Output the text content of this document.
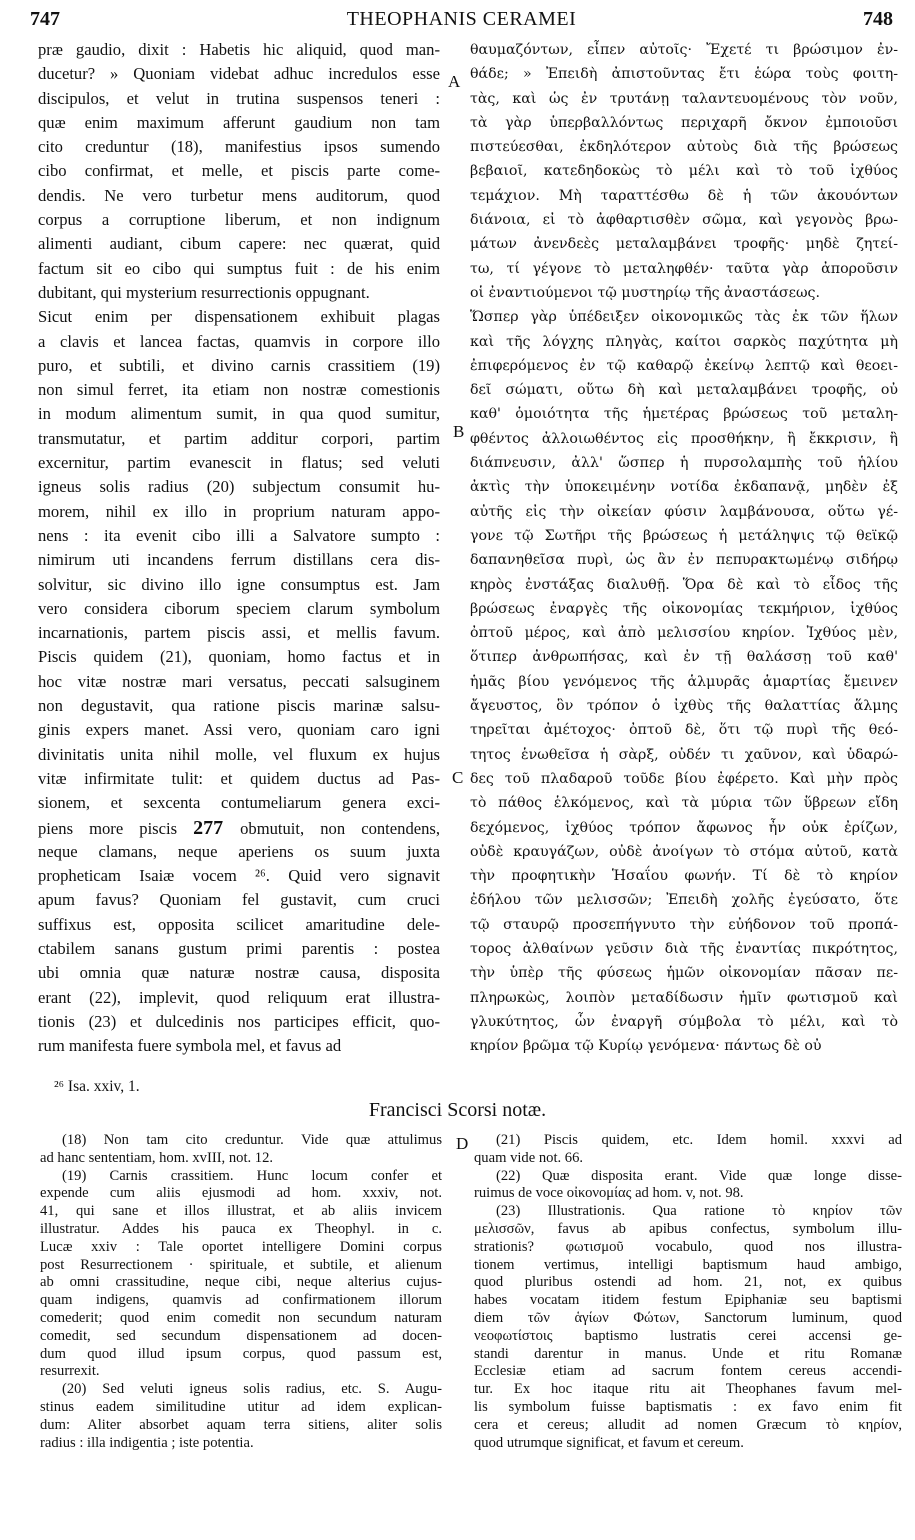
747	THEOPHANIS CERAMEI	748
præ gaudio, dixit : Habetis hic aliquid, quod man-
ducetur? » Quoniam videbat adhuc incredulos esse
discipulos, et velut in trutina suspensos teneri :
quæ enim maximum afferunt gaudium non tam
cito creduntur (18), manifestius ipsos sumendo
cibo confirmat, et melle, et piscis parte come-
dendis. Ne vero turbetur mens auditorum, quod
corpus a corruptione liberum, et non indignum
alimenti audiant, cibum capere: nec quærat, quid
factum sit eo cibo qui sumptus fuit : de his enim
dubitant, qui mysterium resurrectionis oppugnant.
Sicut enim per dispensationem exhibuit plagas
a clavis et lancea factas, quamvis in corpore illo
puro, et subtili, et divino carnis crassitiem (19)
non simul ferret, ita etiam non nostræ comestionis
in modum alimentum sumit, in qua quod sumitur,
transmutatur, et partim additur corpori, partim
excernitur, partim evanescit in flatus; sed veluti
igneus solis radius (20) subjectum consumit hu-
morem, nihil ex illo in proprium naturam appo-
nens : ita evenit cibo illi a Salvatore sumpto :
nimirum uti incandens ferrum distillans cera dis-
solvitur, sic divino illo igne consumptus est. Jam
vero considera ciborum speciem clarum symbolum
incarnationis, partem piscis assi, et mellis favum.
Piscis quidem (21), quoniam, homo factus et in
hoc vitæ nostræ mari versatus, peccati salsuginem
non degustavit, qua ratione piscis marinæ salsu-
ginis expers manet. Assi vero, quoniam caro igni
divinitatis unita nihil molle, vel fluxum ex hujus
vitæ infirmitate tulit: et quidem ductus ad Pas-
sionem, et sexcenta contumeliarum genera exci-
piens more piscis 277 obmutuit, non contendens,
neque clamans, neque aperiens os suum juxta
propheticam Isaiæ vocem ²⁶. Quid vero signavit
apum favus? Quoniam fel gustavit, cum cruci
suffixus est, opposita scilicet amaritudine dele-
ctabilem sanans gustum primi parentis : postea
ubi omnia quæ naturæ nostræ causa, disposita
erant (22), implevit, quod reliquum erat illustra-
tionis (23) et dulcedinis nos participes efficit, quo-
rum manifesta fuere symbola mel, et favus ad
A
B
C
D
θαυμαζόντων, εἶπεν αὐτοῖς· Ἔχετέ τι βρώσιμον ἐν-
θάδε; » Ἐπειδὴ ἀπιστοῦντας ἔτι ἑώρα τοὺς φοιτη-
τὰς, καὶ ὡς ἐν τρυτάνῃ ταλαντευομένους τὸν νοῦν,
τὰ γὰρ ὑπερβαλλόντως περιχαρῆ ὄκνον ἐμποιοῦσι
πιστεύεσθαι, ἐκδηλότερον αὐτοὺς διὰ τῆς βρώσεως
βεβαιοῖ, κατεδηδοκὼς τὸ μέλι καὶ τὸ τοῦ ἰχθύος
τεμάχιον. Μὴ ταραττέσθω δὲ ἡ τῶν ἀκουόντων
διάνοια, εἰ τὸ ἀφθαρτισθὲν σῶμα, καὶ γεγονὸς βρω-
μάτων ἀνενδεὲς μεταλαμβάνει τροφῆς· μηδὲ ζητεί-
τω, τί γέγονε τὸ μεταληφθέν· ταῦτα γὰρ ἀποροῦσιν
οἱ ἐναντιούμενοι τῷ μυστηρίῳ τῆς ἀναστάσεως.
Ὥσπερ γὰρ ὑπέδειξεν οἰκονομικῶς τὰς ἐκ τῶν ἥλων
καὶ τῆς λόγχης πληγὰς, καίτοι σαρκὸς παχύτητα μὴ
ἐπιφερόμενος ἐν τῷ καθαρῷ ἐκείνῳ λεπτῷ καὶ θεοει-
δεῖ σώματι, οὕτω δὴ καὶ μεταλαμβάνει τροφῆς, οὐ
καθ' ὁμοιότητα τῆς ἡμετέρας βρώσεως τοῦ μεταλη-
φθέντος ἀλλοιωθέντος εἰς προσθήκην, ἢ ἔκκρισιν, ἢ
διάπνευσιν, ἀλλ' ὥσπερ ἡ πυρσολαμπὴς τοῦ ἡλίου
ἀκτὶς τὴν ὑποκειμένην νοτίδα ἐκδαπανᾷ, μηδὲν ἐξ
αὐτῆς εἰς τὴν οἰκείαν φύσιν λαμβάνουσα, οὕτω γέ-
γονε τῷ Σωτῆρι τῆς βρώσεως ἡ μετάληψις τῷ θεϊκῷ
δαπανηθεῖσα πυρὶ, ὡς ἂν ἐν πεπυρακτωμένῳ σιδήρῳ
κηρὸς ἐνστάξας διαλυθῇ. Ὅρα δὲ καὶ τὸ εἶδος τῆς
βρώσεως ἐναργὲς τῆς οἰκονομίας τεκμήριον, ἰχθύος
ὀπτοῦ μέρος, καὶ ἀπὸ μελισσίου κηρίον. Ἰχθύος μὲν,
ὅτιπερ ἀνθρωπήσας, καὶ ἐν τῇ θαλάσσῃ τοῦ καθ'
ἡμᾶς βίου γενόμενος τῆς ἁλμυρᾶς ἁμαρτίας ἔμεινεν
ἄγευστος, ὃν τρόπον ὁ ἰχθὺς τῆς θαλαττίας ἅλμης
τηρεῖται ἀμέτοχος· ὀπτοῦ δὲ, ὅτι τῷ πυρὶ τῆς θεό-
τητος ἑνωθεῖσα ἡ σὰρξ, οὐδέν τι χαῦνον, καὶ ὑδαρώ-
δες τοῦ πλαδαροῦ τοῦδε βίου ἐφέρετο. Καὶ μὴν πρὸς
τὸ πάθος ἑλκόμενος, καὶ τὰ μύρια τῶν ὕβρεων εἴδη
δεχόμενος, ἰχθύος τρόπον ἄφωνος ἦν οὐκ ἐρίζων,
οὐδὲ κραυγάζων, οὐδὲ ἀνοίγων τὸ στόμα αὐτοῦ, κατὰ
τὴν προφητικὴν Ἡσαΐου φωνήν. Τί δὲ τὸ κηρίον
ἐδήλου τῶν μελισσῶν; Ἐπειδὴ χολῆς ἐγεύσατο, ὅτε
τῷ σταυρῷ προσεπήγνυτο τὴν εὐήδονον τοῦ προπά-
τορος ἀλθαίνων γεῦσιν διὰ τῆς ἐναντίας πικρότητος,
τὴν ὑπὲρ τῆς φύσεως ἡμῶν οἰκονομίαν πᾶσαν πε-
πληρωκὼς, λοιπὸν μεταδίδωσιν ἡμῖν φωτισμοῦ καὶ
γλυκύτητος, ὧν ἐναργῆ σύμβολα τὸ μέλι, καὶ τὸ
κηρίον βρῶμα τῷ Κυρίῳ γενόμενα· πάντως δὲ οὐ
²⁶ Isa. xxiv, 1.
Francisci Scorsi notæ.
(18) Non tam cito creduntur. Vide quæ attulimus
ad hanc sententiam, hom. xvIII, not. 12.
(19) Carnis crassitiem. Hunc locum confer et
expende cum aliis ejusmodi ad hom. xxxiv, not.
41, qui sane et illos illustrat, et ab aliis invicem
illustratur. Addes his pauca ex Theophyl. in c.
Lucæ xxiv : Tale oportet intelligere Domini corpus
post Resurrectionem · spirituale, et subtile, et alienum
ab omni crassitudine, neque cibi, neque alterius cujus-
quam indigens, quamvis ad confirmationem illorum
comederit; quod enim comedit non secundum naturam
comedit, sed secundum dispensationem ad docen-
dum quod illud ipsum corpus, quod passum est,
resurrexit.
(20) Sed veluti igneus solis radius, etc. S. Augu-
stinus eadem similitudine utitur ad idem explican-
dum: Aliter absorbet aquam terra sitiens, aliter solis
radius : illa indigentia ; iste potentia.
(21) Piscis quidem, etc. Idem homil. xxxvi ad
quam vide not. 66.
(22) Quæ disposita erant. Vide quæ longe disse-
ruimus de voce οἰκονομίας ad hom. v, not. 98.
(23) Illustrationis. Qua ratione τὸ κηρίον τῶν
μελισσῶν, favus ab apibus confectus, symbolum illu-
strationis? φωτισμοῦ vocabulo, quod nos illustra-
tionem vertimus, intelligi baptismum haud ambigo,
quod pluribus ostendi ad hom. 21, not, ex quibus
habes vocatam itidem festum Epiphaniæ seu baptismi
diem τῶν ἁγίων Φώτων, Sanctorum luminum, quod
νεοφωτίστοις baptismo lustratis cerei accensi ge-
standi darentur in manus. Unde et ritu Romanæ
Ecclesiæ etiam ad sacrum fontem cereus accendi-
tur. Ex hoc itaque ritu ait Theophanes favum mel-
lis symbolum fuisse baptismatis : ex favo enim fit
cera et cereus; alludit ad nomen Græcum τὸ κηρίον,
quod utrumque significat, et favum et cereum.
